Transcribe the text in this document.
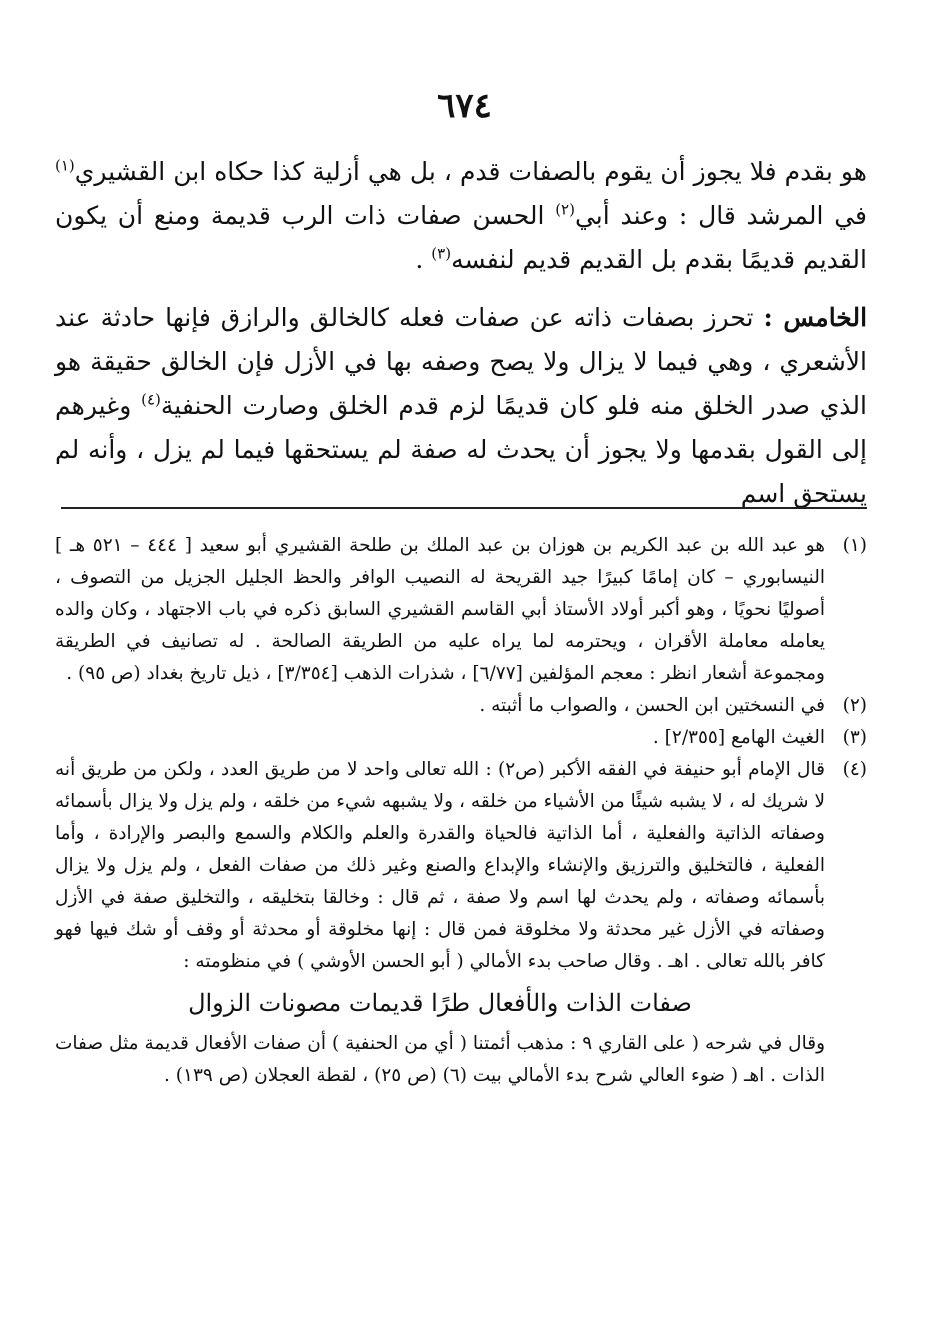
٦٧٤

هو بقدم فلا يجوز أن يقوم بالصفات قدم ، بل هي أزلية كذا حكاه ابن القشيري$^{(١)}$ في المرشد قال : وعند أبي$^{(٢)}$ الحسن صفات ذات الرب قديمة ومنع أن يكون القديم قديمًا بقدم بل القديم قديم لنفسه$^{(٣)}$ .

الخامس : تحرز بصفات ذاته عن صفات فعله كالخالق والرازق فإنها حادثة عند الأشعري ، وهي فيما لا يزال ولا يصح وصفه بها في الأزل فإن الخالق حقيقة هو الذي صدر الخلق منه فلو كان قديمًا لزم قدم الخلق وصارت الحنفية$^{(٤)}$ وغيرهم إلى القول بقدمها ولا يجوز أن يحدث له صفة لم يستحقها فيما لم يزل ، وأنه لم يستحق اسم

(١)
هو عبد الله بن عبد الكريم بن هوزان بن عبد الملك بن طلحة القشيري أبو سعيد [ ٤٤٤ – ٥٢١ هـ ] النيسابوري – كان إمامًا كبيرًا جيد القريحة له النصيب الوافر والحظ الجليل الجزيل من التصوف ، أصوليًا نحويًا ، وهو أكبر أولاد الأستاذ أبي القاسم القشيري السابق ذكره في باب الاجتهاد ، وكان والده يعامله معاملة الأقران ، ويحترمه لما يراه عليه من الطريقة الصالحة . له تصانيف في الطريقة ومجموعة أشعار انظر : معجم المؤلفين [٦/٧٧] ، شذرات الذهب [٣/٣٥٤] ، ذيل تاريخ بغداد (ص ٩٥) .
(٢)
في النسختين ابن الحسن ، والصواب ما أثبته .
(٣)
الغيث الهامع [٢/٣٥٥] .
(٤)

قال الإمام أبو حنيفة في الفقه الأكبر (ص٢) : الله تعالى واحد لا من طريق العدد ، ولكن من طريق أنه لا شريك له ، لا يشبه شيئًا من الأشياء من خلقه ، ولا يشبهه شيء من خلقه ، ولم يزل ولا يزال بأسمائه وصفاته الذاتية والفعلية ، أما الذاتية فالحياة والقدرة والعلم والكلام والسمع والبصر والإرادة ، وأما الفعلية ، فالتخليق والترزيق والإنشاء والإبداع والصنع وغير ذلك من صفات الفعل ، ولم يزل ولا يزال بأسمائه وصفاته ، ولم يحدث لها اسم ولا صفة ، ثم قال : وخالقا بتخليقه ، والتخليق صفة في الأزل وصفاته في الأزل غير محدثة ولا مخلوقة فمن قال : إنها مخلوقة أو محدثة أو وقف أو شك فيها فهو كافر بالله تعالى . اهـ . وقال صاحب بدء الأمالي ( أبو الحسن الأوشي ) في منظومته :

صفات الذات والأفعال طرًا قديمات مصونات الزوال

وقال في شرحه ( على القاري ٩ : مذهب أئمتنا ( أي من الحنفية ) أن صفات الأفعال قديمة مثل صفات الذات . اهـ ( ضوء العالي شرح بدء الأمالي بيت (٦) (ص ٢٥) ، لقطة العجلان (ص ١٣٩) .
